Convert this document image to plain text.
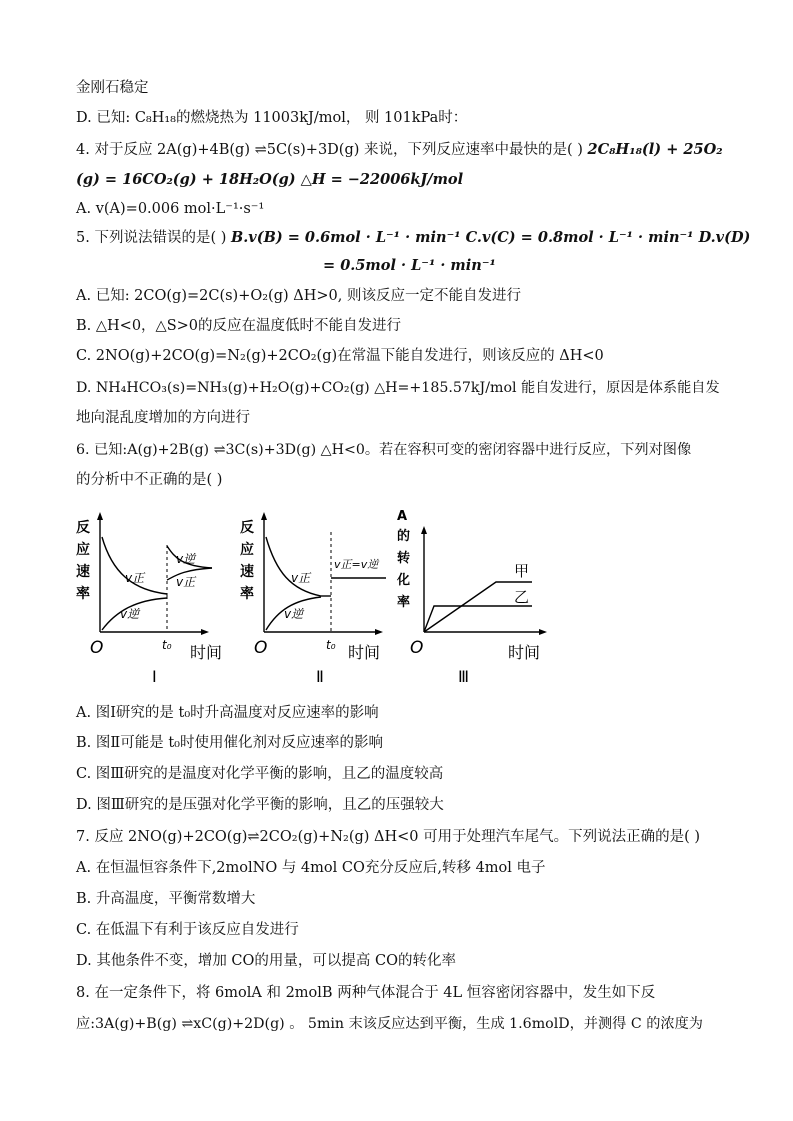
金刚石稳定
D. 已知: C₈H₁₈的燃烧热为 11003kJ/mol， 则 101kPa时：
4. 对于反应 2A(g)+4B(g) ⇌5C(s)+3D(g) 来说，下列反应速率中最快的是( ) 2C₈H₁₈(l) + 25O₂
(g) = 16CO₂(g) + 18H₂O(g) △H = −22006kJ/mol
A. v(A)=0.006 mol·L⁻¹·s⁻¹
5. 下列说法错误的是( ) B.v(B) = 0.6mol · L⁻¹ · min⁻¹ C.v(C) = 0.8mol · L⁻¹ · min⁻¹ D.v(D)
= 0.5mol · L⁻¹ · min⁻¹
A. 已知: 2CO(g)=2C(s)+O₂(g) ΔH>0, 则该反应一定不能自发进行
B. △H<0，△S>0的反应在温度低时不能自发进行
C. 2NO(g)+2CO(g)=N₂(g)+2CO₂(g)在常温下能自发进行，则该反应的 ΔH<0
D. NH₄HCO₃(s)=NH₃(g)+H₂O(g)+CO₂(g) △H=+185.57kJ/mol 能自发进行，原因是体系能自发
地向混乱度增加的方向进行
6. 已知:A(g)+2B(g) ⇌3C(s)+3D(g) △H<0。若在容积可变的密闭容器中进行反应，下列对图像
的分析中不正确的是( )
反
应
速
率
v正
v逆
v逆
v正
O	t₀ 时间
Ⅰ
反
应
速
率
v正=v逆
v正
v逆
O	t₀ 时间
Ⅱ
A
的
转
化
率
甲
乙
O	时间
Ⅲ
A. 图Ⅰ研究的是 t₀时升高温度对反应速率的影响
B. 图Ⅱ可能是 t₀时使用催化剂对反应速率的影响
C. 图Ⅲ研究的是温度对化学平衡的影响，且乙的温度较高
D. 图Ⅲ研究的是压强对化学平衡的影响，且乙的压强较大
7. 反应 2NO(g)+2CO(g)⇌2CO₂(g)+N₂(g) ΔH<0 可用于处理汽车尾气。下列说法正确的是( )
A. 在恒温恒容条件下,2molNO 与 4mol CO充分反应后,转移 4mol 电子
B. 升高温度，平衡常数增大
C. 在低温下有利于该反应自发进行
D. 其他条件不变，增加 CO的用量，可以提高 CO的转化率
8. 在一定条件下，将 6molA 和 2molB 两种气体混合于 4L 恒容密闭容器中，发生如下反
应:3A(g)+B(g) ⇌xC(g)+2D(g) 。 5min 末该反应达到平衡，生成 1.6molD，并测得 C 的浓度为
